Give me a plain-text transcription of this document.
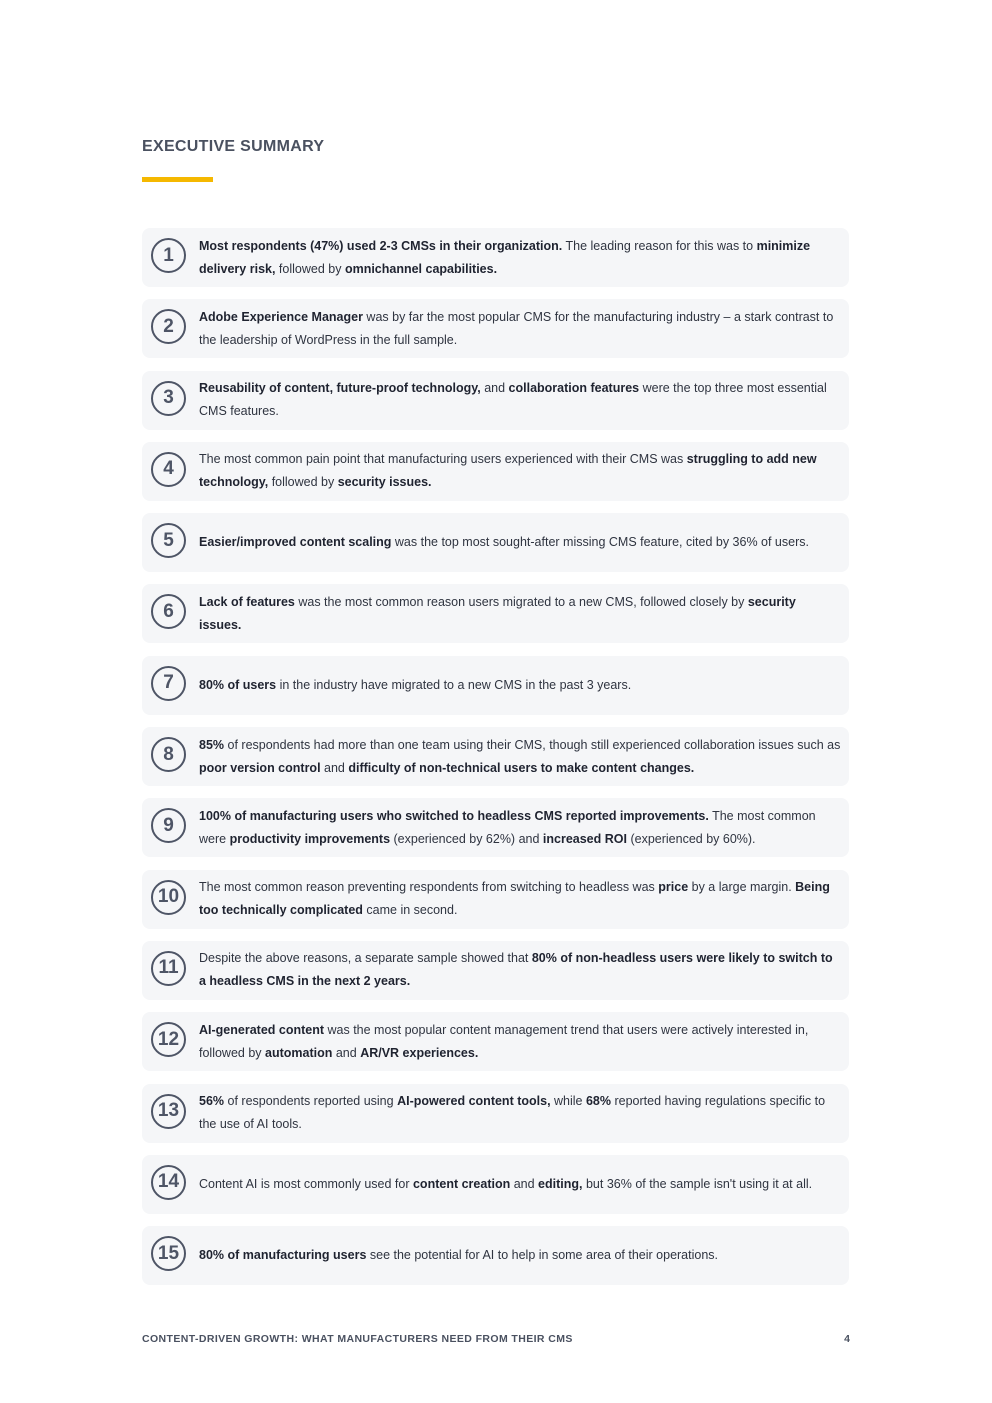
EXECUTIVE SUMMARY
1	Most respondents (47%) used 2-3 CMSs in their organization. The leading reason for this was to minimize delivery risk, followed by omnichannel capabilities.
2	Adobe Experience Manager was by far the most popular CMS for the manufacturing industry – a stark contrast to the leadership of WordPress in the full sample.
3	Reusability of content, future-proof technology, and collaboration features were the top three most essential CMS features.
4	The most common pain point that manufacturing users experienced with their CMS was struggling to add new technology, followed by security issues.
5	Easier/improved content scaling was the top most sought-after missing CMS feature, cited by 36% of users.
6	Lack of features was the most common reason users migrated to a new CMS, followed closely by security issues.
7	80% of users in the industry have migrated to a new CMS in the past 3 years.
8	85% of respondents had more than one team using their CMS, though still experienced collaboration issues such as poor version control and difficulty of non-technical users to make content changes.
9	100% of manufacturing users who switched to headless CMS reported improvements. The most common were productivity improvements (experienced by 62%) and increased ROI (experienced by 60%).
10	The most common reason preventing respondents from switching to headless was price by a large margin. Being too technically complicated came in second.
11	Despite the above reasons, a separate sample showed that 80% of non-headless users were likely to switch to a headless CMS in the next 2 years.
12	AI-generated content was the most popular content management trend that users were actively interested in, followed by automation and AR/VR experiences.
13	56% of respondents reported using AI-powered content tools, while 68% reported having regulations specific to the use of AI tools.
14	Content AI is most commonly used for content creation and editing, but 36% of the sample isn't using it at all.
15	80% of manufacturing users see the potential for AI to help in some area of their operations.
CONTENT-DRIVEN GROWTH: WHAT MANUFACTURERS NEED FROM THEIR CMS	4
